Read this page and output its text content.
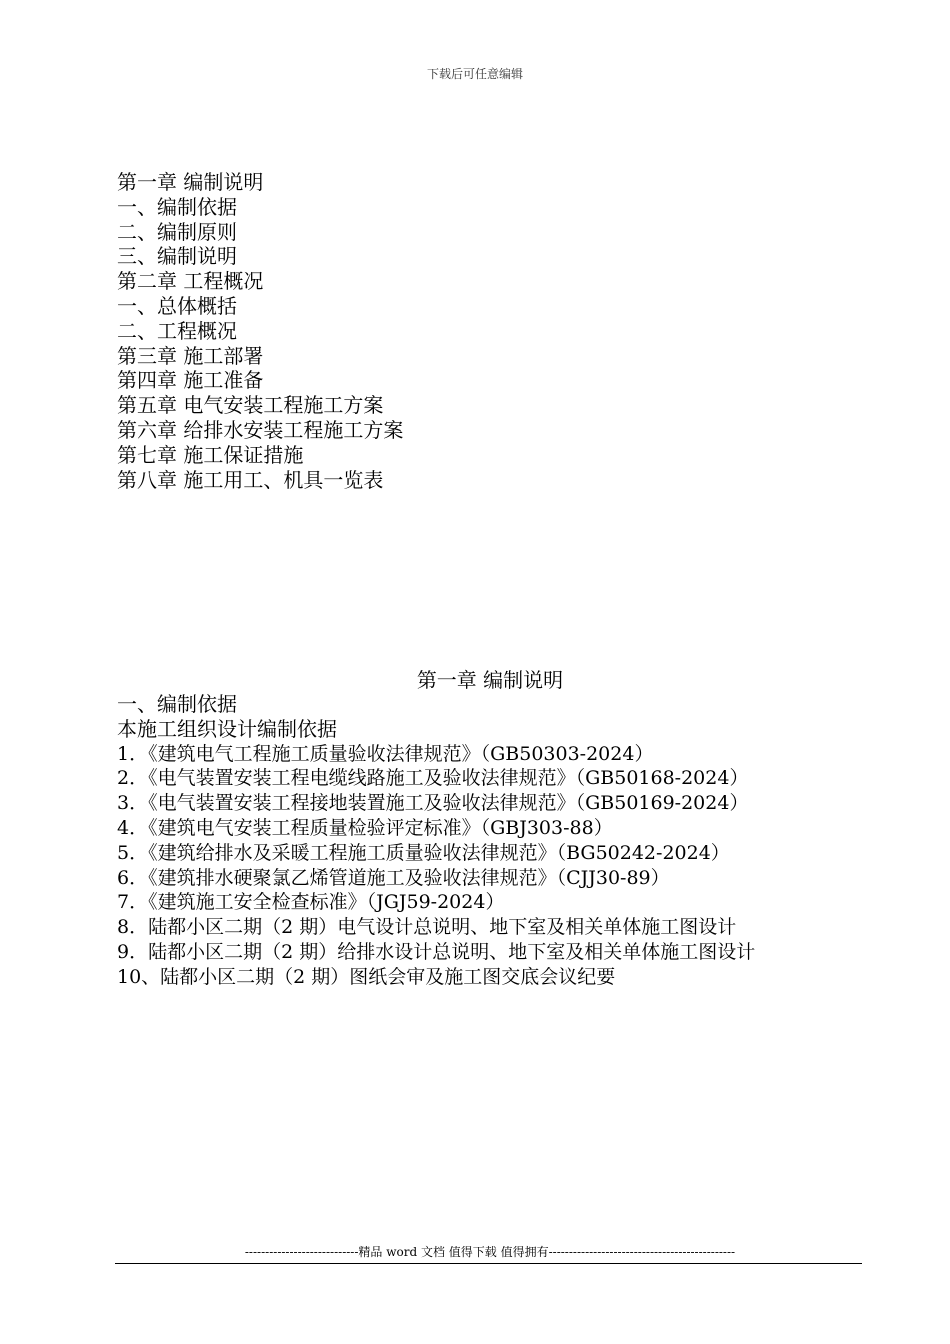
下载后可任意编辑
第一章 编制说明
一、编制依据
二、编制原则
三、编制说明
第二章 工程概况
一、总体概括
二、工程概况
第三章 施工部署
第四章 施工准备
第五章 电气安装工程施工方案
第六章 给排水安装工程施工方案
第七章 施工保证措施
第八章 施工用工、机具一览表
第一章 编制说明
一、编制依据
本施工组织设计编制依据
1．《建筑电气工程施工质量验收法律规范》（GB50303-2024）
2．《电气装置安装工程电缆线路施工及验收法律规范》（GB50168-2024）
3．《电气装置安装工程接地装置施工及验收法律规范》（GB50169-2024）
4．《建筑电气安装工程质量检验评定标准》（GBJ303-88）
5．《建筑给排水及采暖工程施工质量验收法律规范》（BG50242-2024）
6．《建筑排水硬聚氯乙烯管道施工及验收法律规范》（CJJ30-89）
7．《建筑施工安全检查标准》（JGJ59-2024）
8．陆都小区二期（2 期）电气设计总说明、地下室及相关单体施工图设计
9．陆都小区二期（2 期）给排水设计总说明、地下室及相关单体施工图设计
10、陆都小区二期（2 期）图纸会审及施工图交底会议纪要
----------------------------精品 word 文档 值得下载 值得拥有----------------------------------------------
